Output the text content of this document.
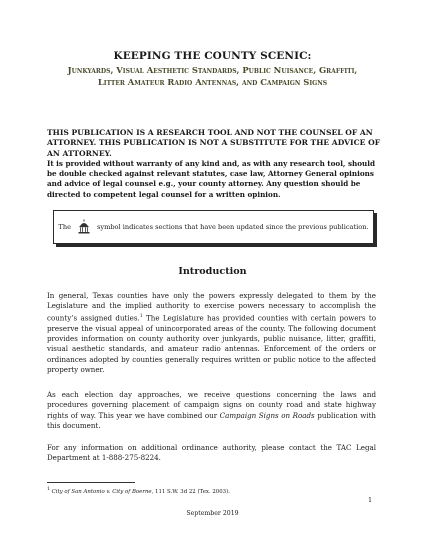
KEEPING THE COUNTY SCENIC:
Junkyards, Visual Aesthetic Standards, Public Nuisance, Graffiti,
Litter Amateur Radio Antennas, and Campaign Signs
THIS PUBLICATION IS A RESEARCH TOOL AND NOT THE COUNSEL OF AN ATTORNEY. THIS PUBLICATION IS NOT A SUBSTITUTE FOR THE ADVICE OF AN ATTORNEY.
It is provided without warranty of any kind and, as with any research tool, should be double checked against relevant statutes, case law, Attorney General opinions and advice of legal counsel e.g., your county attorney. Any question should be directed to competent legal counsel for a written opinion.
The	symbol indicates sections that have been updated since the previous publication.
Introduction
In general, Texas counties have only the powers expressly delegated to them by the Legislature and the implied authority to exercise powers necessary to accomplish the county’s assigned duties.$^1$ The Legislature has provided counties with certain powers to preserve the visual appeal of unincorporated areas of the county. The following document provides information on county authority over junkyards, public nuisance, litter, graffiti, visual aesthetic standards, and amateur radio antennas. Enforcement of the orders or ordinances adopted by counties generally requires written or public notice to the affected property owner.
As each election day approaches, we receive questions concerning the laws and procedures governing placement of campaign signs on county road and state highway rights of way. This year we have combined our Campaign Signs on Roads publication with this document.
For any information on additional ordinance authority, please contact the TAC Legal Department at 1-888-275-8224.
$^1$ City of San Antonio v. City of Boerne, 111 S.W. 3d 22 (Tex. 2003).
1
September 2019
